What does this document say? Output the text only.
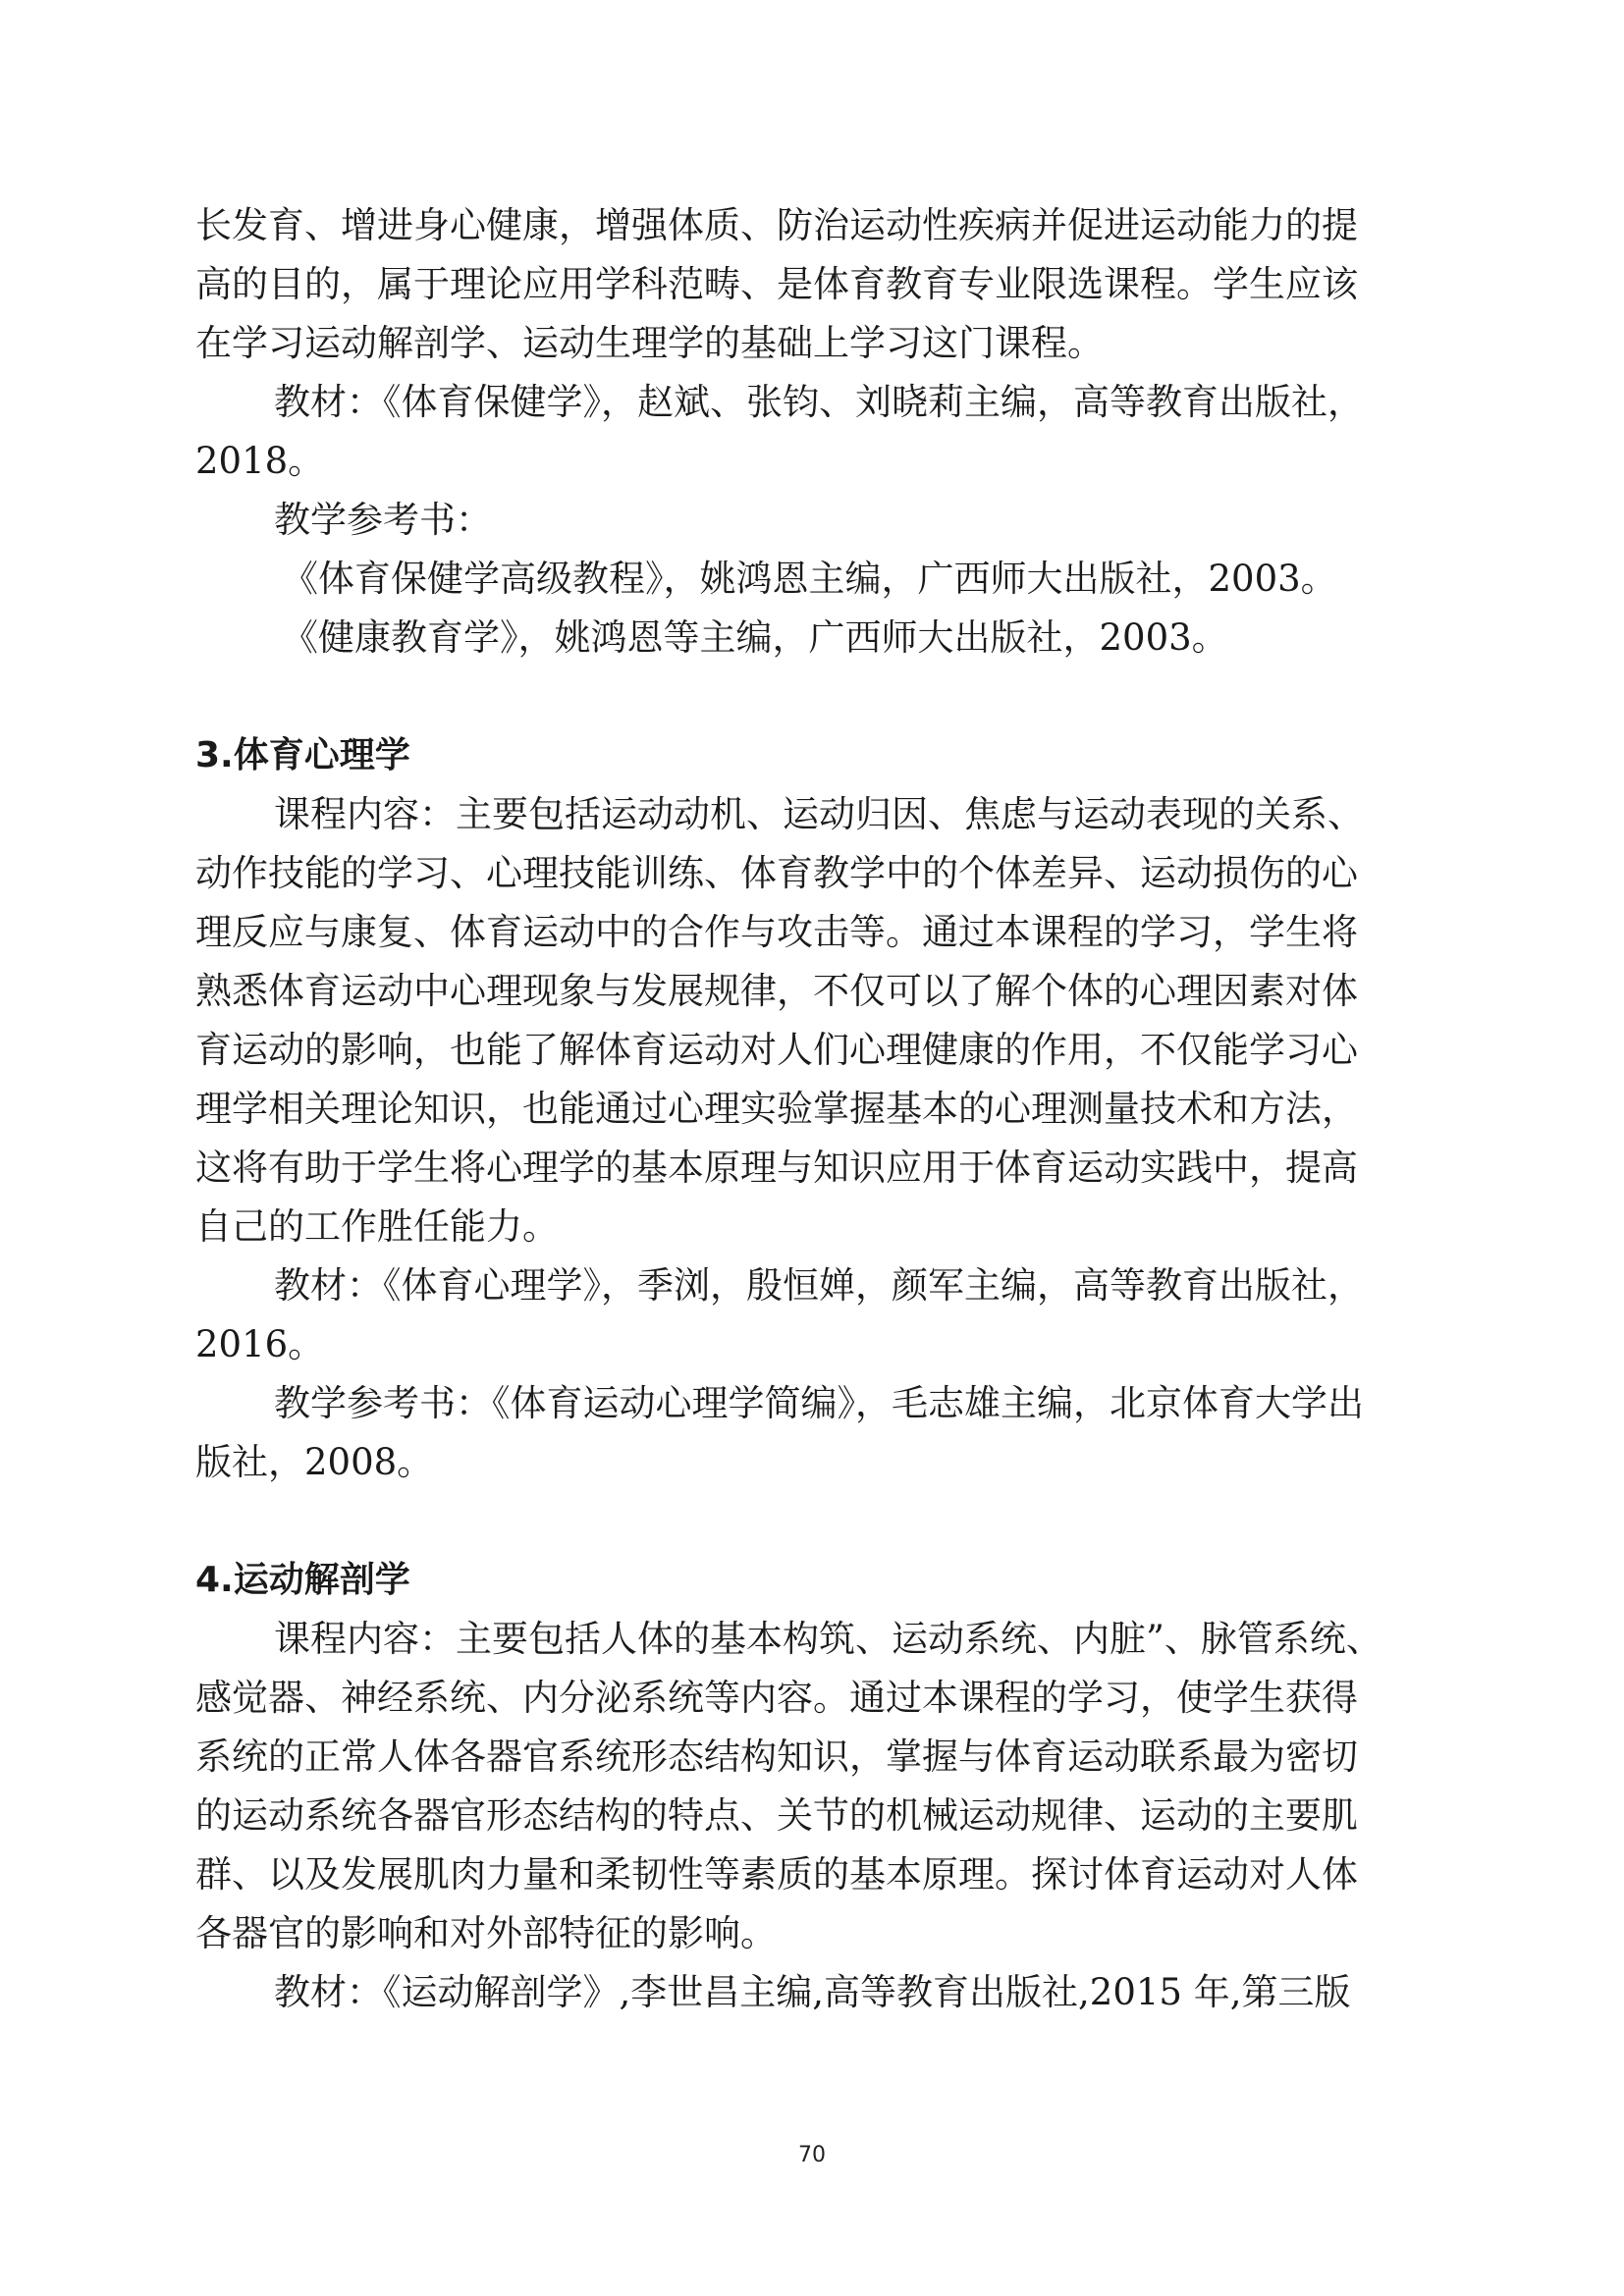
长发育、增进身心健康，增强体质、防治运动性疾病并促进运动能力的提
高的目的，属于理论应用学科范畴、是体育教育专业限选课程。学生应该
在学习运动解剖学、运动生理学的基础上学习这门课程。
教材：《体育保健学》，赵斌、张钧、刘晓莉主编，高等教育出版社，
2018。
教学参考书：
《体育保健学高级教程》，姚鸿恩主编，广西师大出版社，2003。
《健康教育学》，姚鸿恩等主编，广西师大出版社，2003。
3.体育心理学
课程内容：主要包括运动动机、运动归因、焦虑与运动表现的关系、
动作技能的学习、心理技能训练、体育教学中的个体差异、运动损伤的心
理反应与康复、体育运动中的合作与攻击等。通过本课程的学习，学生将
熟悉体育运动中心理现象与发展规律，不仅可以了解个体的心理因素对体
育运动的影响，也能了解体育运动对人们心理健康的作用，不仅能学习心
理学相关理论知识，也能通过心理实验掌握基本的心理测量技术和方法，
这将有助于学生将心理学的基本原理与知识应用于体育运动实践中，提高
自己的工作胜任能力。
教材：《体育心理学》，季浏，殷恒婵，颜军主编，高等教育出版社，
2016。
教学参考书：《体育运动心理学简编》，毛志雄主编，北京体育大学出
版社，2008。
4.运动解剖学
课程内容：主要包括人体的基本构筑、运动系统、内脏”、脉管系统、
感觉器、神经系统、内分泌系统等内容。通过本课程的学习，使学生获得
系统的正常人体各器官系统形态结构知识，掌握与体育运动联系最为密切
的运动系统各器官形态结构的特点、关节的机械运动规律、运动的主要肌
群、以及发展肌肉力量和柔韧性等素质的基本原理。探讨体育运动对人体
各器官的影响和对外部特征的影响。
教材：《运动解剖学》,李世昌主编,高等教育出版社,2015 年,第三版
70
